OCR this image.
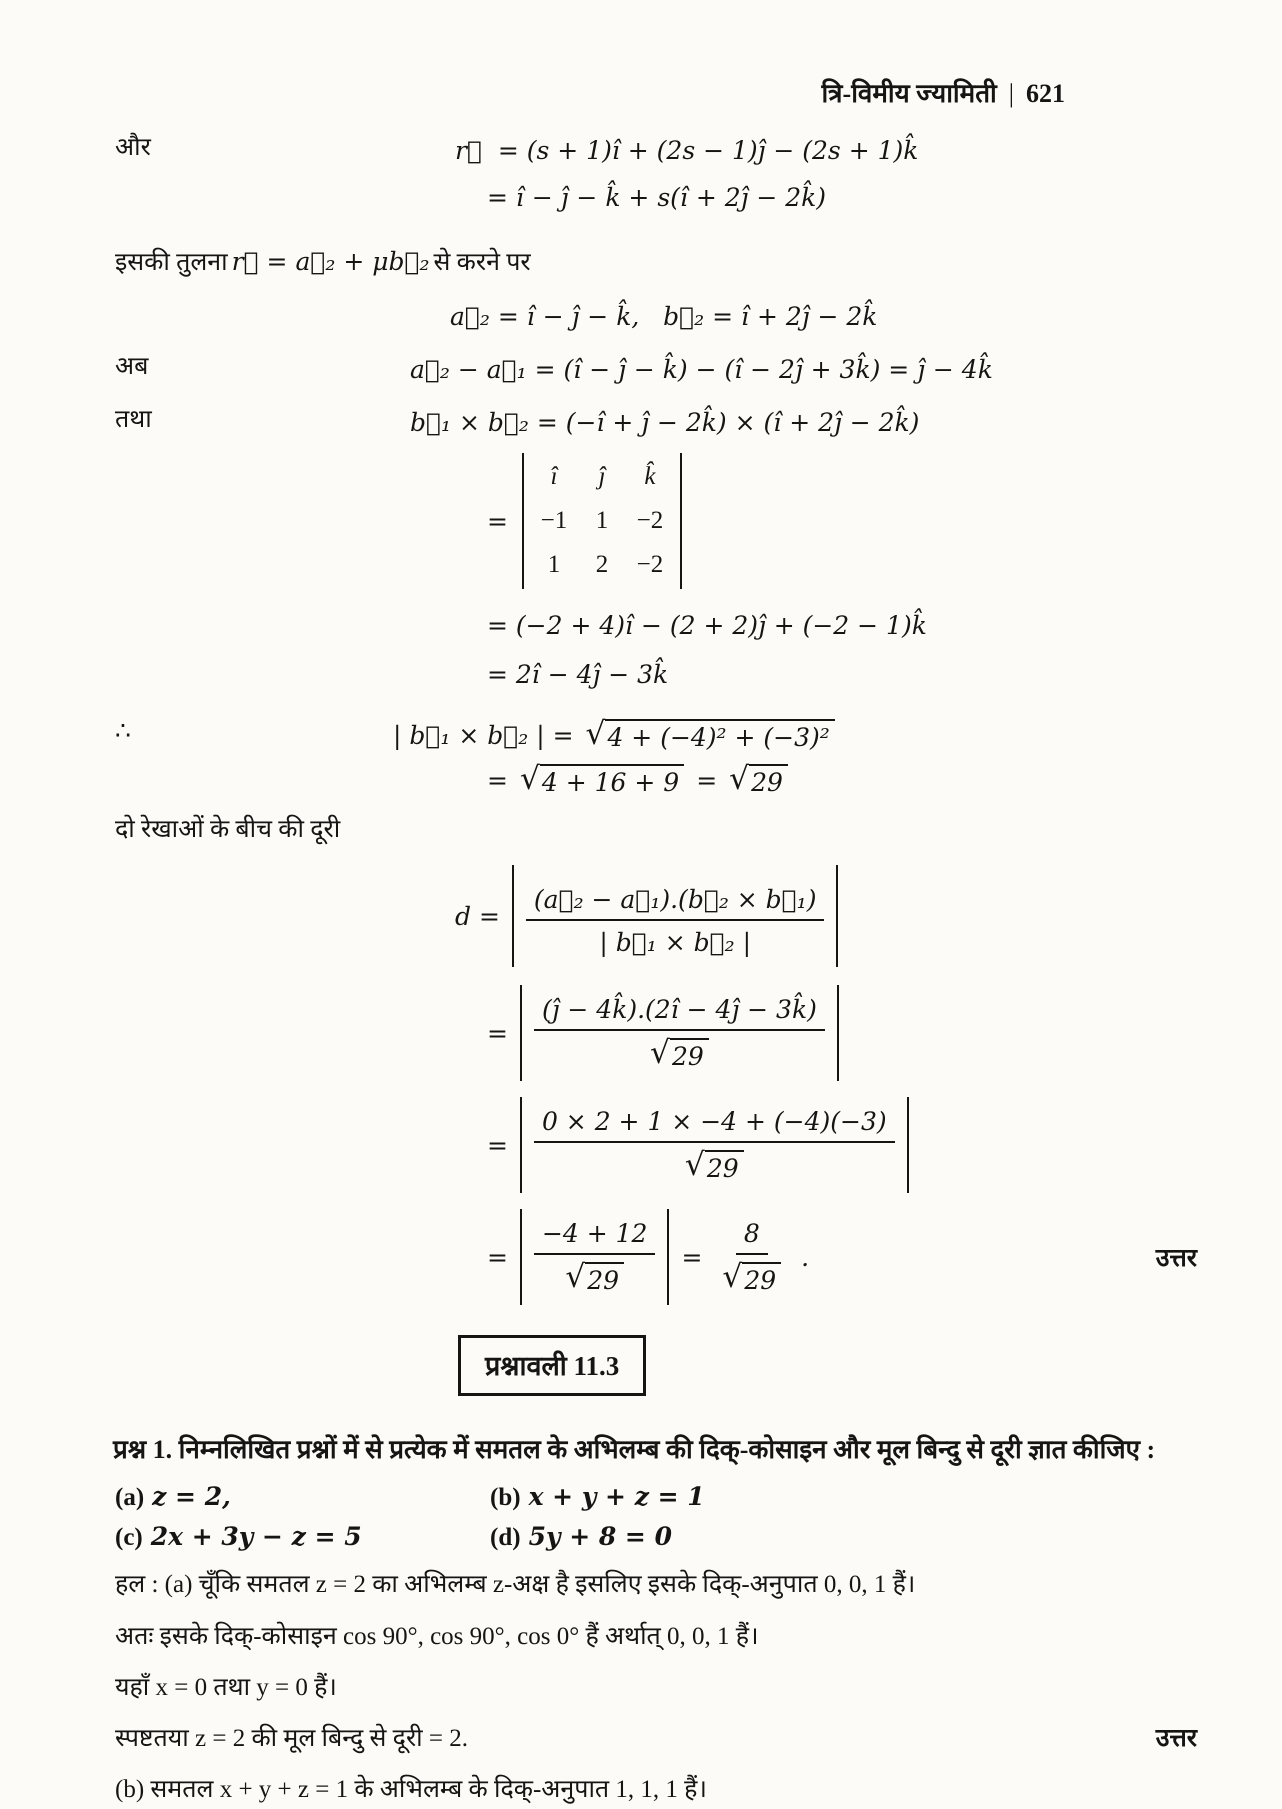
त्रि-विमीय ज्यामिती | 621
और	r⃗ = (s + 1)î + (2s − 1)ĵ − (2s + 1)k̂
= î − ĵ − k̂ + s(î + 2ĵ − 2k̂)
इसकी तुलना r⃗ = a⃗₂ + μb⃗₂ से करने पर
a⃗₂ = î − ĵ − k̂,   b⃗₂ = î + 2ĵ − 2k̂
अब	a⃗₂ − a⃗₁ = (î − ĵ − k̂) − (î − 2ĵ + 3k̂) = ĵ − 4k̂
तथा	b⃗₁ × b⃗₂ = (−î + ĵ − 2k̂) × (î + 2ĵ − 2k̂)
=
î	ĵ	k̂
−1	1	−2
1	2	−2
= (−2 + 4)î − (2 + 2)ĵ + (−2 − 1)k̂
= 2î − 4ĵ − 3k̂
∴	| b⃗₁ × b⃗₂ | = √ 4 + (−4)² + (−3)²
= √ 4 + 16 + 9 = √ 29
दो रेखाओं के बीच की दूरी
$d = \frac{\text{(a⃗₂ − a⃗₁).(b⃗₂ × b⃗₁)}}{\text{| b⃗₁ × b⃗₂ |}}$
= (ĵ − 4k̂).(2î − 4ĵ − 3k̂)
√ 29
= 0 × 2 + 1 × −4 + (−4)(−3)
√ 29
= −4 + 12
√ 29 = 8
√ 29 .	उत्तर
प्रश्नावली 11.3
प्रश्न 1. निम्नलिखित प्रश्नों में से प्रत्येक में समतल के अभिलम्ब की दिक्-कोसाइन और मूल बिन्दु से दूरी ज्ञात कीजिए :
(a) z = 2,	(b) x + y + z = 1
(c) 2x + 3y − z = 5	(d) 5y + 8 = 0
हल : (a) चूँकि समतल z = 2 का अभिलम्ब z-अक्ष है इसलिए इसके दिक्-अनुपात 0, 0, 1 हैं।
अतः इसके दिक्-कोसाइन cos 90°, cos 90°, cos 0° हैं अर्थात् 0, 0, 1 हैं।
यहाँ x = 0 तथा y = 0 हैं।
स्पष्टतया z = 2 की मूल बिन्दु से दूरी = 2.	उत्तर
(b) समतल x + y + z = 1 के अभिलम्ब के दिक्-अनुपात 1, 1, 1 हैं।
